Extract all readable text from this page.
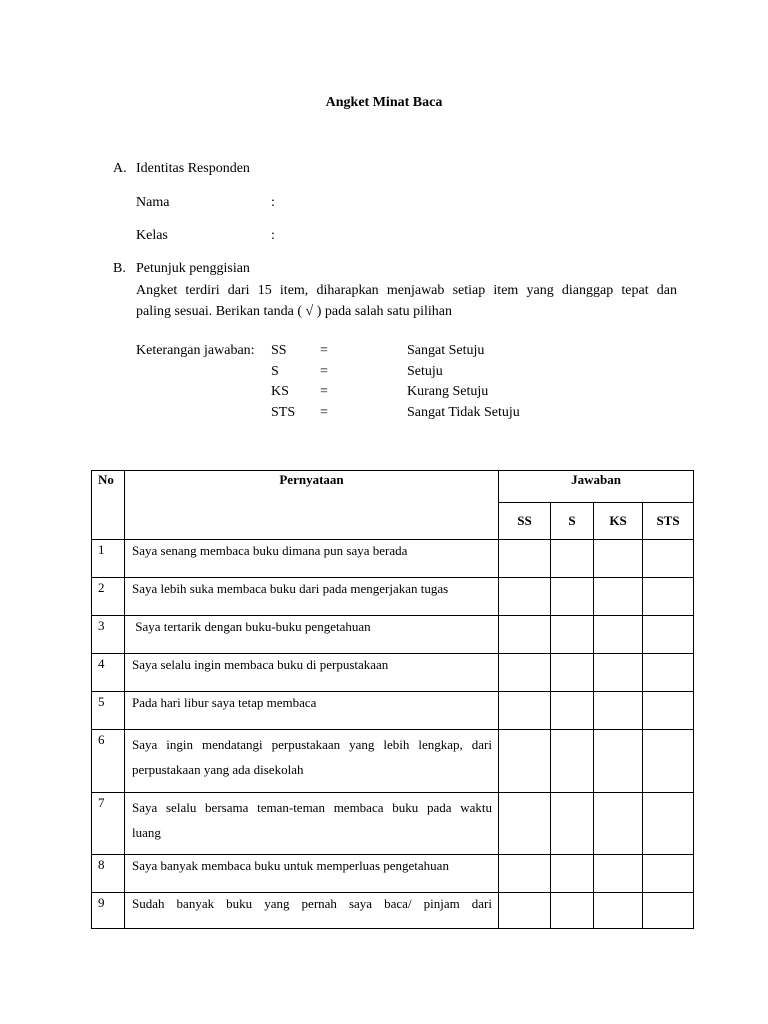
Angket Minat Baca
A. Identitas Responden
Nama	:
Kelas	:
B. Petunjuk penggisian
Angket terdiri dari 15 item, diharapkan menjawab setiap item yang dianggap tepat dan
paling sesuai. Berikan tanda ( √ ) pada salah satu pilihan
Keterangan jawaban: SS =	Sangat Setuju
S	=	Setuju
KS =	Kurang Setuju
STS =	Sangat Tidak Setuju
No	Pernyataan	Jawaban			
		SS	S	KS	STS
1	Saya senang membaca buku dimana pun saya berada				

2	Saya lebih suka membaca buku dari pada mengerjakan tugas				

3	Saya tertarik dengan buku-buku pengetahuan				

4	Saya selalu ingin membaca buku di perpustakaan				

5	Pada hari libur saya tetap membaca				

6	Saya ingin mendatangi perpustakaan yang lebih lengkap, dari
perpustakaan yang ada disekolah				

7	Saya selalu bersama teman-teman membaca buku pada waktu
luang				

8	Saya banyak membaca buku untuk memperluas pengetahuan				

9	Sudah banyak buku yang pernah saya baca/ pinjam dari				
